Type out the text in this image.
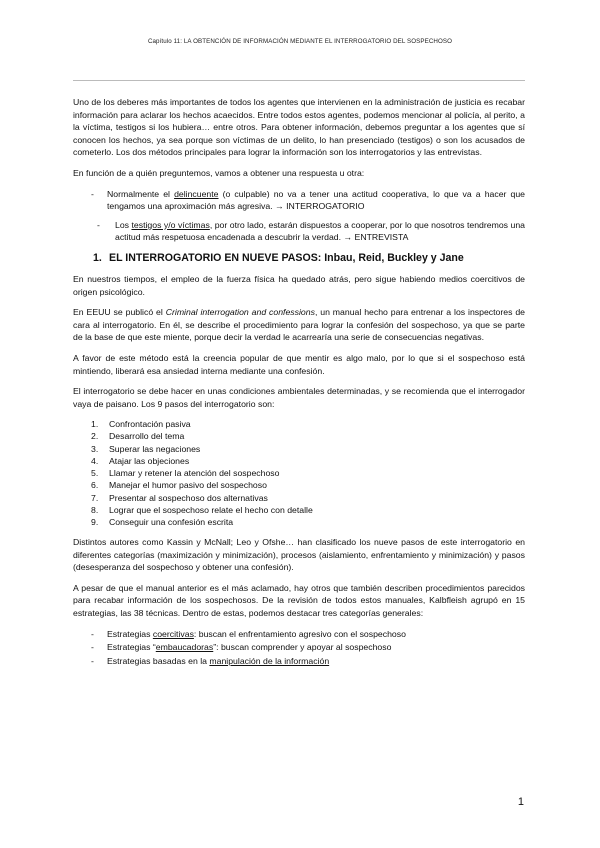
Capítulo 11: LA OBTENCIÓN DE INFORMACIÓN MEDIANTE EL INTERROGATORIO DEL SOSPECHOSO

Uno de los deberes más importantes de todos los agentes que intervienen en la administración de justicia es recabar información para aclarar los hechos acaecidos. Entre todos estos agentes, podemos mencionar al policía, al perito, a la víctima, testigos si los hubiera… entre otros. Para obtener información, debemos preguntar a los agentes que sí conocen los hechos, ya sea porque son víctimas de un delito, lo han presenciado (testigos) o son los acusados de cometerlo. Los dos métodos principales para lograr la información son los interrogatorios y las entrevistas.

En función de a quién preguntemos, vamos a obtener una respuesta u otra:

- Normalmente el delincuente (o culpable) no va a tener una actitud cooperativa, lo que va a hacer que tengamos una aproximación más agresiva. → INTERROGATORIO
- Los testigos y/o víctimas, por otro lado, estarán dispuestos a cooperar, por lo que nosotros tendremos una actitud más respetuosa encadenada a descubrir la verdad. → ENTREVISTA
1. EL INTERROGATORIO EN NUEVE PASOS: Inbau, Reid, Buckley y Jane

En nuestros tiempos, el empleo de la fuerza física ha quedado atrás, pero sigue habiendo medios coercitivos de origen psicológico.

En EEUU se publicó el Criminal interrogation and confessions, un manual hecho para entrenar a los inspectores de cara al interrogatorio. En él, se describe el procedimiento para lograr la confesión del sospechoso, ya que se parte de la base de que este miente, porque decir la verdad le acarrearía una serie de consecuencias negativas.

A favor de este método está la creencia popular de que mentir es algo malo, por lo que si el sospechoso está mintiendo, liberará esa ansiedad interna mediante una confesión.

El interrogatorio se debe hacer en unas condiciones ambientales determinadas, y se recomienda que el interrogador vaya de paisano. Los 9 pasos del interrogatorio son:

1. Confrontación pasiva
2. Desarrollo del tema
3. Superar las negaciones
4. Atajar las objeciones
5. Llamar y retener la atención del sospechoso
6. Manejar el humor pasivo del sospechoso
7. Presentar al sospechoso dos alternativas
8. Lograr que el sospechoso relate el hecho con detalle
9. Conseguir una confesión escrita

Distintos autores como Kassin y McNall; Leo y Ofshe… han clasificado los nueve pasos de este interrogatorio en diferentes categorías (maximización y minimización), procesos (aislamiento, enfrentamiento y minimización) y pasos (desesperanza del sospechoso y obtener una confesión).

A pesar de que el manual anterior es el más aclamado, hay otros que también describen procedimientos parecidos para recabar información de los sospechosos. De la revisión de todos estos manuales, Kalbfleish agrupó en 15 estrategias, las 38 técnicas. Dentro de estas, podemos destacar tres categorías generales:

- Estrategias coercitivas: buscan el enfrentamiento agresivo con el sospechoso
- Estrategias “embaucadoras”: buscan comprender y apoyar al sospechoso
- Estrategias basadas en la manipulación de la información
1
